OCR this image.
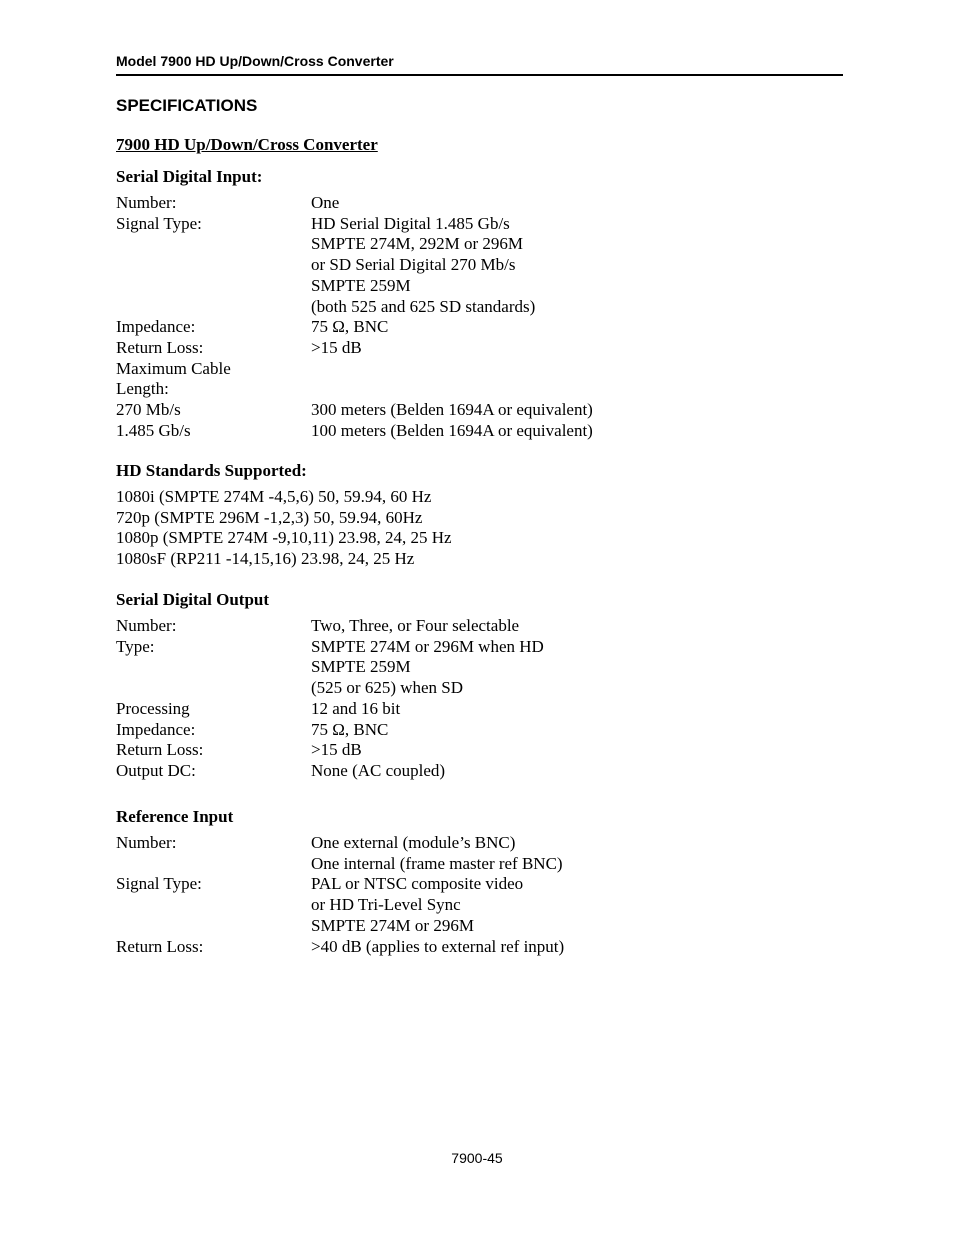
Model 7900 HD Up/Down/Cross Converter
SPECIFICATIONS
7900 HD Up/Down/Cross Converter
Serial Digital Input:
Number:	One
Signal Type:	HD Serial Digital 1.485 Gb/s
SMPTE 274M, 292M or 296M
or SD Serial Digital 270 Mb/s
SMPTE 259M
(both 525 and 625 SD standards)
Impedance:	75 Ω, BNC
Return Loss:	>15 dB
Maximum Cable
Length:
270 Mb/s	300 meters (Belden 1694A or equivalent)
1.485 Gb/s	100 meters (Belden 1694A or equivalent)
HD Standards Supported:
1080i (SMPTE 274M -4,5,6) 50, 59.94, 60 Hz
720p (SMPTE 296M -1,2,3) 50, 59.94, 60Hz
1080p (SMPTE 274M -9,10,11) 23.98, 24, 25 Hz
1080sF (RP211 -14,15,16) 23.98, 24, 25 Hz
Serial Digital Output
Number:	Two, Three, or Four selectable
Type:	SMPTE 274M or 296M when HD
SMPTE 259M
(525 or 625) when SD
Processing	12 and 16 bit
Impedance:	75 Ω, BNC
Return Loss:	>15 dB
Output DC:	None (AC coupled)
Reference Input
Number:	One external (module’s BNC)
One internal (frame master ref BNC)
Signal Type:	PAL or NTSC composite video
or HD Tri-Level Sync
SMPTE 274M or 296M
Return Loss:	>40 dB (applies to external ref input)
7900-45
